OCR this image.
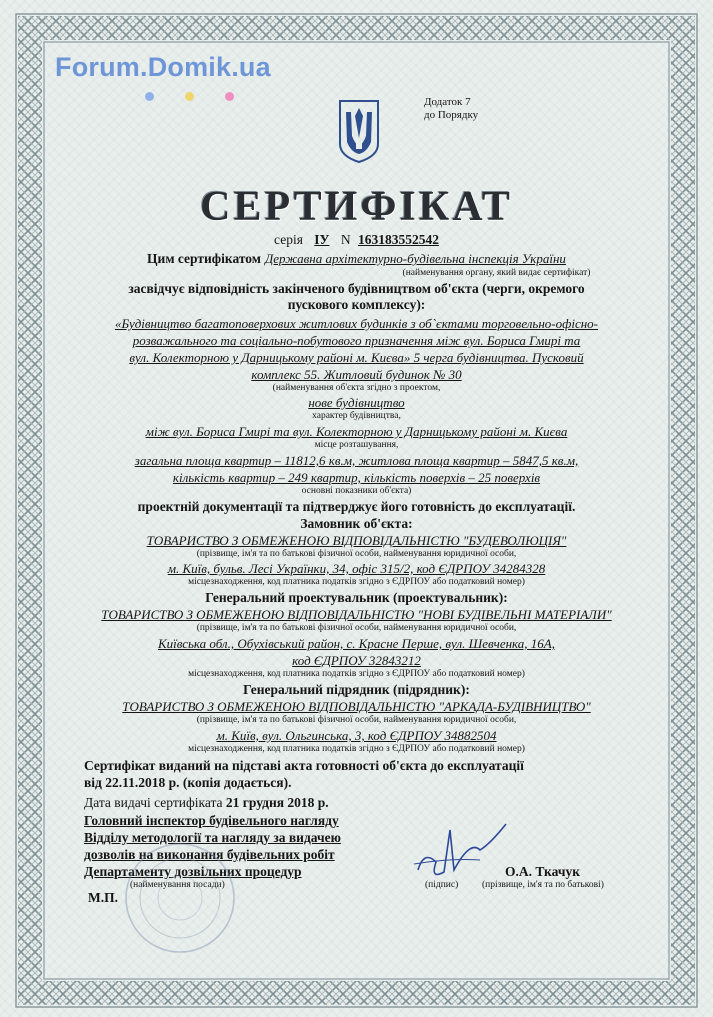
Forum.Domik.ua
Додаток 7
до Порядку
СЕРТИФІКАТ
серія ІУ N 163183552542
Цим сертифікатом Державна архітектурно-будівельна інспекція України
(найменування органу, який видає сертифікат)
засвідчує відповідність закінченого будівництвом об'єкта (черги, окремого
пускового комплексу):
«Будівництво багатоповерхових житлових будинків з об`єктами торговельно-офісно-
розважального та соціально-побутового призначення між вул. Бориса Гмирі та
вул. Колекторною у Дарницькому районі м. Києва» 5 черга будівництва. Пусковий
комплекс 55. Житловий будинок № 30
(найменування об'єкта згідно з проектом,
нове будівництво
характер будівництва,
між вул. Бориса Гмирі та вул. Колекторною у Дарницькому районі м. Києва
місце розташування,
загальна площа квартир – 11812,6 кв.м, житлова площа квартир – 5847,5 кв.м,
кількість квартир – 249 квартир, кількість поверхів – 25 поверхів
основні показники об'єкта)
проектній документації та підтверджує його готовність до експлуатації.
Замовник об'єкта:
ТОВАРИСТВО З ОБМЕЖЕНОЮ ВІДПОВІДАЛЬНІСТЮ "БУДЕВОЛЮЦІЯ"
(прізвище, ім'я та по батькові фізичної особи, найменування юридичної особи,
м. Київ, бульв. Лесі Українки, 34, офіс 315/2, код ЄДРПОУ 34284328
місцезнаходження, код платника податків згідно з ЄДРПОУ або податковий номер)
Генеральний проектувальник (проектувальник):
ТОВАРИСТВО З ОБМЕЖЕНОЮ ВІДПОВІДАЛЬНІСТЮ "НОВІ БУДІВЕЛЬНІ МАТЕРІАЛИ"
(прізвище, ім'я та по батькові фізичної особи, найменування юридичної особи,
Київська обл., Обухівський район, с. Красне Перше, вул. Шевченка, 16А,
код ЄДРПОУ 32843212
місцезнаходження, код платника податків згідно з ЄДРПОУ або податковий номер)
Генеральний підрядник (підрядник):
ТОВАРИСТВО З ОБМЕЖЕНОЮ ВІДПОВІДАЛЬНІСТЮ "АРКАДА-БУДІВНИЦТВО"
(прізвище, ім'я та по батькові фізичної особи, найменування юридичної особи,
м. Київ, вул. Ольгинська, 3, код ЄДРПОУ 34882504
місцезнаходження, код платника податків згідно з ЄДРПОУ або податковий номер)
Сертифікат виданий на підставі акта готовності об'єкта до експлуатації
від 22.11.2018 р. (копія додається).
Дата видачі сертифіката 21 грудня 2018 р.
Головний інспектор будівельного нагляду
Відділу методології та нагляду за видачею
дозволів на виконання будівельних робіт
Департаменту дозвільних процедур
(найменування посади)	(підпис)
О.А. Ткачук
(прізвище, ім'я та по батькові)
М.П.
